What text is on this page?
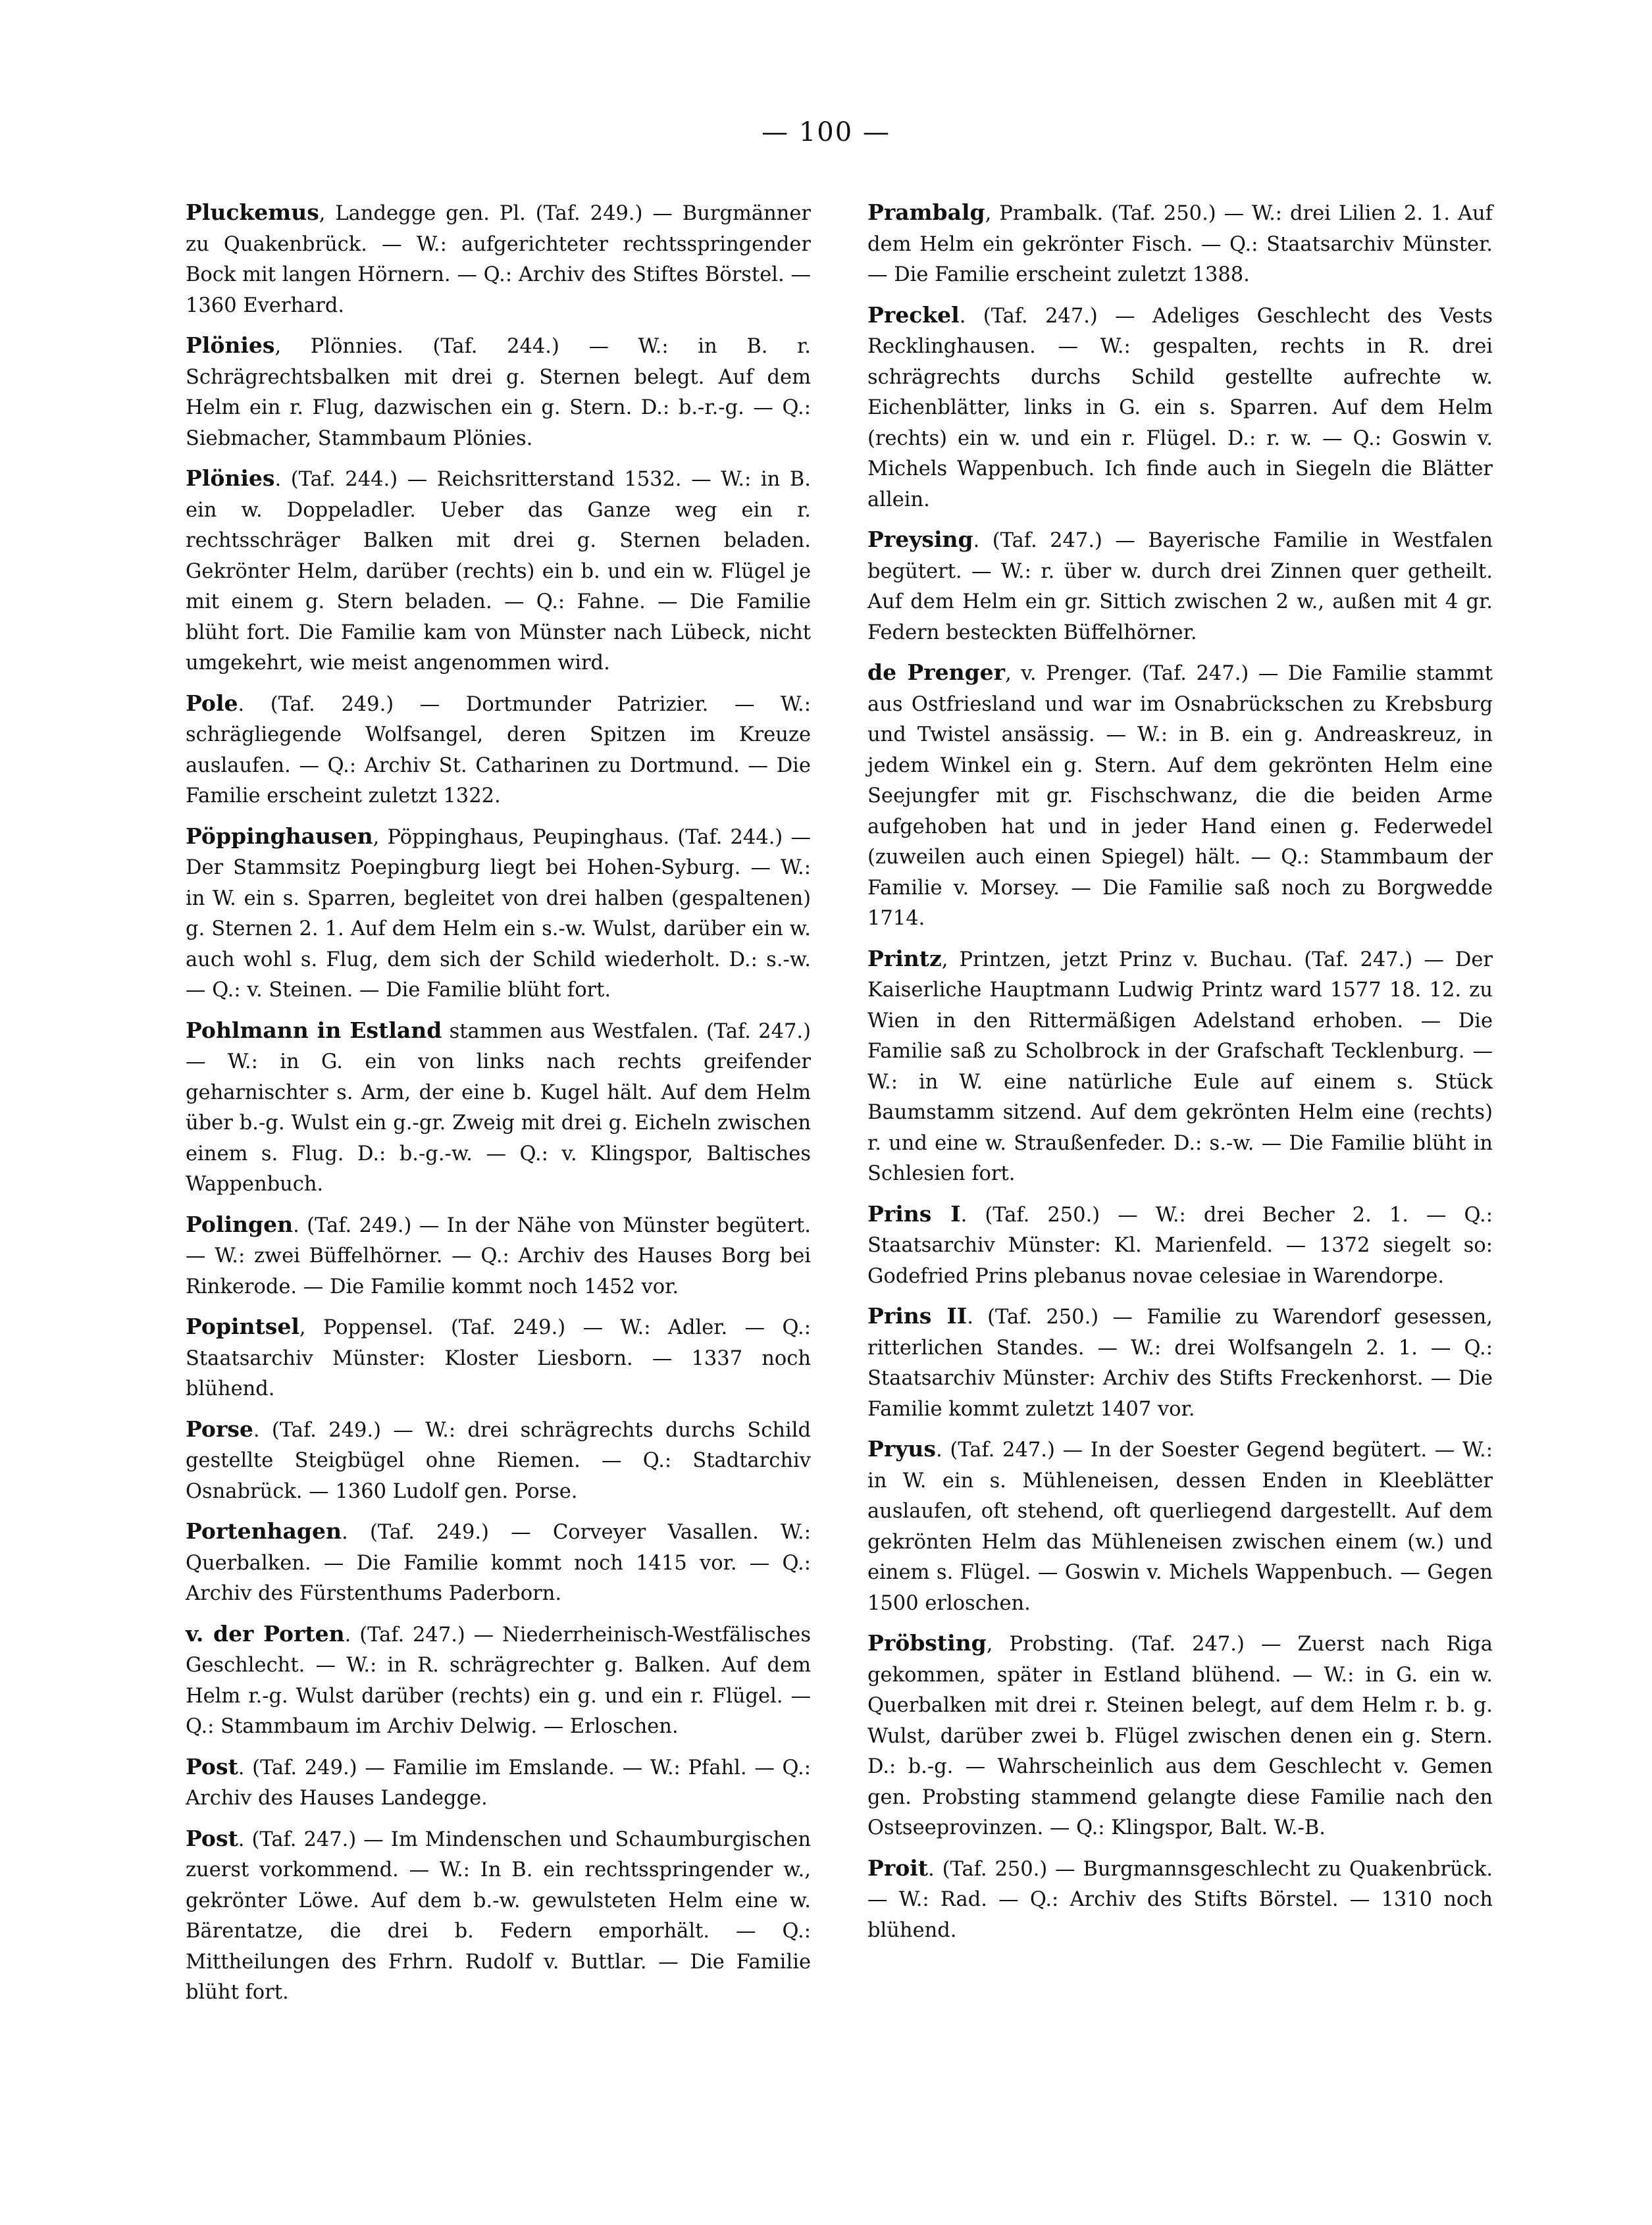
— 100 —

Pluckemus, Landegge gen. Pl. (Taf. 249.) — Burgmänner zu Quakenbrück. — W.: aufgerichteter rechtsspringender Bock mit langen Hörnern. — Q.: Archiv des Stiftes Börstel. — 1360 Everhard.

Plönies, Plönnies. (Taf. 244.) — W.: in B. r. Schrägrechtsbalken mit drei g. Sternen belegt. Auf dem Helm ein r. Flug, dazwischen ein g. Stern. D.: b.-r.-g. — Q.: Siebmacher, Stammbaum Plönies.

Plönies. (Taf. 244.) — Reichsritterstand 1532. — W.: in B. ein w. Doppeladler. Ueber das Ganze weg ein r. rechtsschräger Balken mit drei g. Sternen beladen. Gekrönter Helm, darüber (rechts) ein b. und ein w. Flügel je mit einem g. Stern beladen. — Q.: Fahne. — Die Familie blüht fort. Die Familie kam von Münster nach Lübeck, nicht umgekehrt, wie meist angenommen wird.

Pole. (Taf. 249.) — Dortmunder Patrizier. — W.: schrägliegende Wolfsangel, deren Spitzen im Kreuze auslaufen. — Q.: Archiv St. Catharinen zu Dortmund. — Die Familie erscheint zuletzt 1322.

Pöppinghausen, Pöppinghaus, Peupinghaus. (Taf. 244.) — Der Stammsitz Poepingburg liegt bei Hohen-Syburg. — W.: in W. ein s. Sparren, begleitet von drei halben (gespaltenen) g. Sternen 2. 1. Auf dem Helm ein s.-w. Wulst, darüber ein w. auch wohl s. Flug, dem sich der Schild wiederholt. D.: s.-w. — Q.: v. Steinen. — Die Familie blüht fort.

Pohlmann in Estland stammen aus Westfalen. (Taf. 247.) — W.: in G. ein von links nach rechts greifender geharnischter s. Arm, der eine b. Kugel hält. Auf dem Helm über b.-g. Wulst ein g.-gr. Zweig mit drei g. Eicheln zwischen einem s. Flug. D.: b.-g.-w. — Q.: v. Klingspor, Baltisches Wappenbuch.

Polingen. (Taf. 249.) — In der Nähe von Münster begütert. — W.: zwei Büffelhörner. — Q.: Archiv des Hauses Borg bei Rinkerode. — Die Familie kommt noch 1452 vor.

Popintsel, Poppensel. (Taf. 249.) — W.: Adler. — Q.: Staatsarchiv Münster: Kloster Liesborn. — 1337 noch blühend.

Porse. (Taf. 249.) — W.: drei schrägrechts durchs Schild gestellte Steigbügel ohne Riemen. — Q.: Stadtarchiv Osnabrück. — 1360 Ludolf gen. Porse.

Portenhagen. (Taf. 249.) — Corveyer Vasallen. W.: Querbalken. — Die Familie kommt noch 1415 vor. — Q.: Archiv des Fürstenthums Paderborn.

v. der Porten. (Taf. 247.) — Niederrheinisch-Westfälisches Geschlecht. — W.: in R. schrägrechter g. Balken. Auf dem Helm r.-g. Wulst darüber (rechts) ein g. und ein r. Flügel. — Q.: Stammbaum im Archiv Delwig. — Erloschen.

Post. (Taf. 249.) — Familie im Emslande. — W.: Pfahl. — Q.: Archiv des Hauses Landegge.

Post. (Taf. 247.) — Im Mindenschen und Schaumburgischen zuerst vorkommend. — W.: In B. ein rechtsspringender w., gekrönter Löwe. Auf dem b.-w. gewulsteten Helm eine w. Bärentatze, die drei b. Federn emporhält. — Q.: Mittheilungen des Frhrn. Rudolf v. Buttlar. — Die Familie blüht fort.

Prambalg, Prambalk. (Taf. 250.) — W.: drei Lilien 2. 1. Auf dem Helm ein gekrönter Fisch. — Q.: Staatsarchiv Münster. — Die Familie erscheint zuletzt 1388.

Preckel. (Taf. 247.) — Adeliges Geschlecht des Vests Recklinghausen. — W.: gespalten, rechts in R. drei schrägrechts durchs Schild gestellte aufrechte w. Eichenblätter, links in G. ein s. Sparren. Auf dem Helm (rechts) ein w. und ein r. Flügel. D.: r. w. — Q.: Goswin v. Michels Wappenbuch. Ich finde auch in Siegeln die Blätter allein.

Preysing. (Taf. 247.) — Bayerische Familie in Westfalen begütert. — W.: r. über w. durch drei Zinnen quer getheilt. Auf dem Helm ein gr. Sittich zwischen 2 w., außen mit 4 gr. Federn besteckten Büffelhörner.

de Prenger, v. Prenger. (Taf. 247.) — Die Familie stammt aus Ostfriesland und war im Osnabrückschen zu Krebsburg und Twistel ansässig. — W.: in B. ein g. Andreaskreuz, in jedem Winkel ein g. Stern. Auf dem gekrönten Helm eine Seejungfer mit gr. Fischschwanz, die die beiden Arme aufgehoben hat und in jeder Hand einen g. Federwedel (zuweilen auch einen Spiegel) hält. — Q.: Stammbaum der Familie v. Morsey. — Die Familie saß noch zu Borgwedde 1714.

Printz, Printzen, jetzt Prinz v. Buchau. (Taf. 247.) — Der Kaiserliche Hauptmann Ludwig Printz ward 1577 18. 12. zu Wien in den Rittermäßigen Adelstand erhoben. — Die Familie saß zu Scholbrock in der Grafschaft Tecklenburg. — W.: in W. eine natürliche Eule auf einem s. Stück Baumstamm sitzend. Auf dem gekrönten Helm eine (rechts) r. und eine w. Straußenfeder. D.: s.-w. — Die Familie blüht in Schlesien fort.

Prins I. (Taf. 250.) — W.: drei Becher 2. 1. — Q.: Staatsarchiv Münster: Kl. Marienfeld. — 1372 siegelt so: Godefried Prins plebanus novae celesiae in Warendorpe.

Prins II. (Taf. 250.) — Familie zu Warendorf gesessen, ritterlichen Standes. — W.: drei Wolfsangeln 2. 1. — Q.: Staatsarchiv Münster: Archiv des Stifts Freckenhorst. — Die Familie kommt zuletzt 1407 vor.

Pryus. (Taf. 247.) — In der Soester Gegend begütert. — W.: in W. ein s. Mühleneisen, dessen Enden in Kleeblätter auslaufen, oft stehend, oft querliegend dargestellt. Auf dem gekrönten Helm das Mühleneisen zwischen einem (w.) und einem s. Flügel. — Goswin v. Michels Wappenbuch. — Gegen 1500 erloschen.

Pröbsting, Probsting. (Taf. 247.) — Zuerst nach Riga gekommen, später in Estland blühend. — W.: in G. ein w. Querbalken mit drei r. Steinen belegt, auf dem Helm r. b. g. Wulst, darüber zwei b. Flügel zwischen denen ein g. Stern. D.: b.-g. — Wahrscheinlich aus dem Geschlecht v. Gemen gen. Probsting stammend gelangte diese Familie nach den Ostseeprovinzen. — Q.: Klingspor, Balt. W.-B.

Proit. (Taf. 250.) — Burgmannsgeschlecht zu Quakenbrück. — W.: Rad. — Q.: Archiv des Stifts Börstel. — 1310 noch blühend.
